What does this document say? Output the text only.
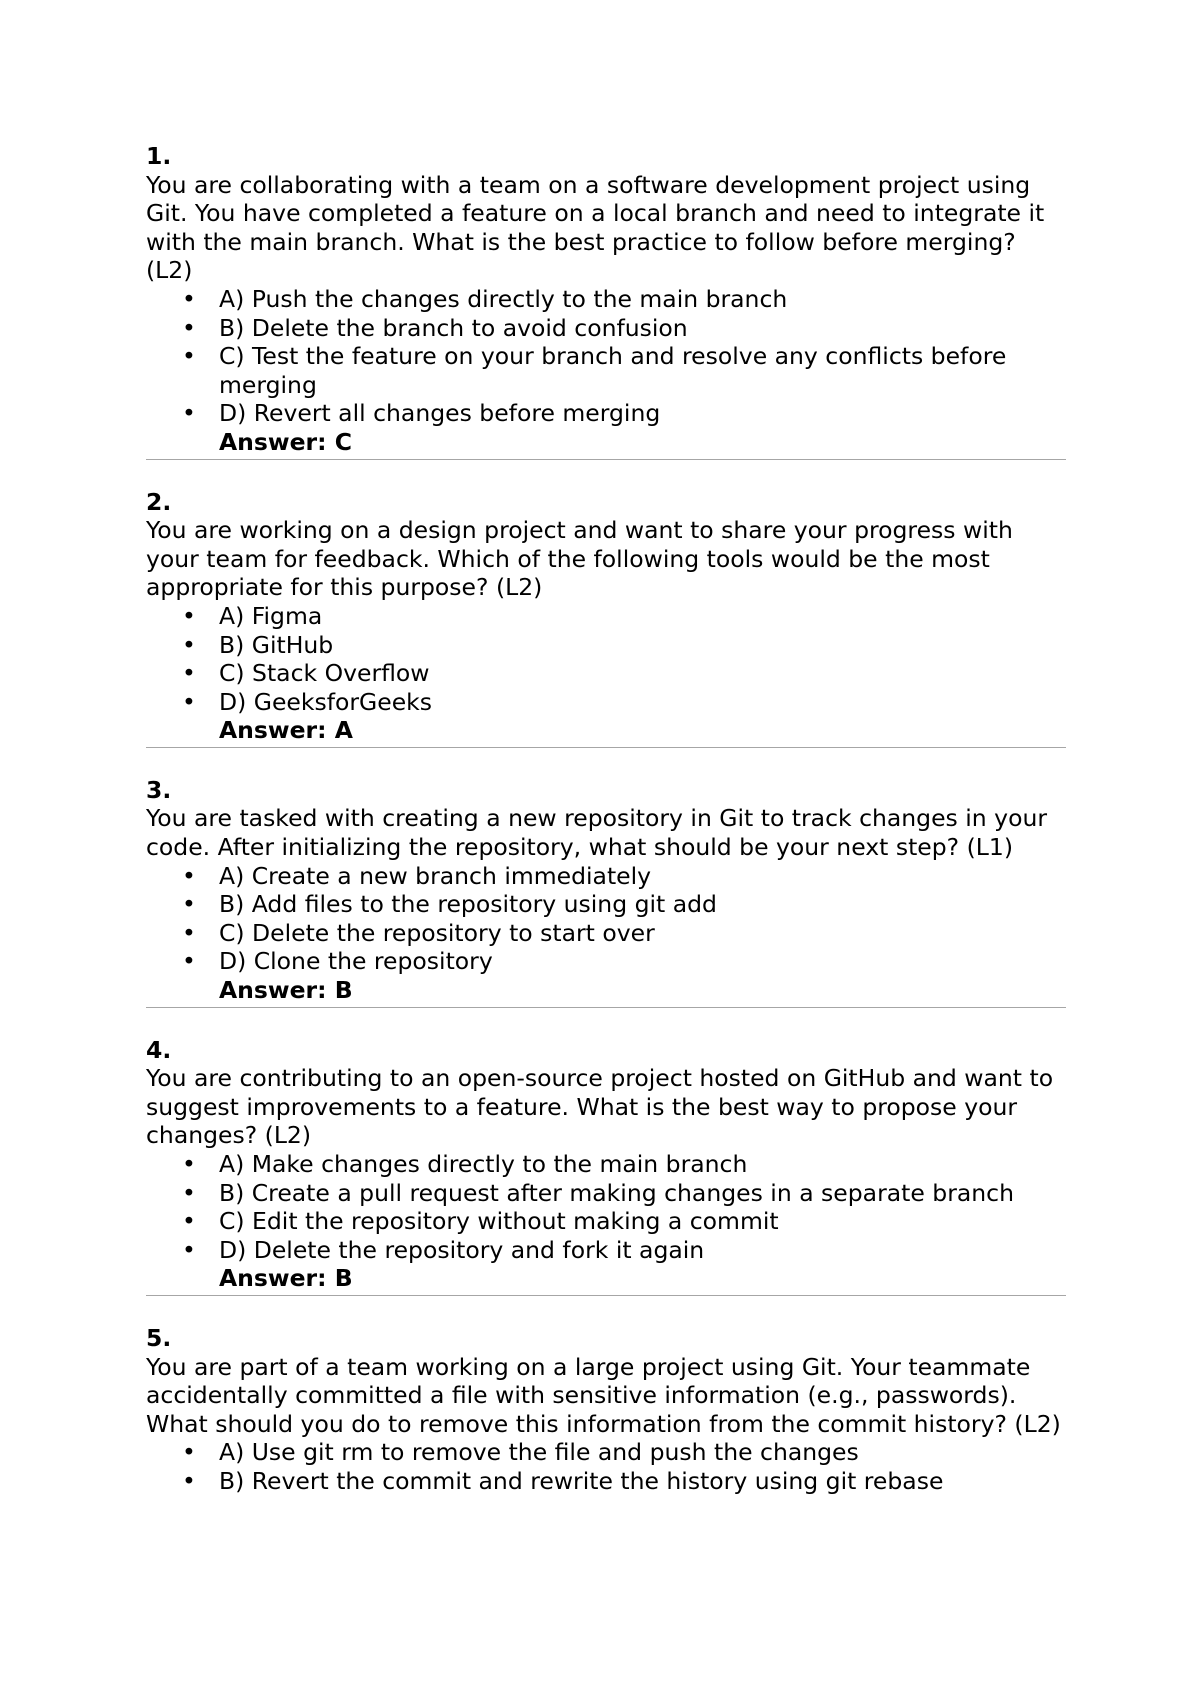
1.

You are collaborating with a team on a software development project using Git. You have completed a feature on a local branch and need to integrate it with the main branch. What is the best practice to follow before merging? (L2)

• A) Push the changes directly to the main branch
• B) Delete the branch to avoid confusion
• C) Test the feature on your branch and resolve any conflicts before merging
• D) Revert all changes before merging
Answer: C

2.

You are working on a design project and want to share your progress with your team for feedback. Which of the following tools would be the most appropriate for this purpose? (L2)

• A) Figma
• B) GitHub
• C) Stack Overflow
• D) GeeksforGeeks
Answer: A

3.

You are tasked with creating a new repository in Git to track changes in your code. After initializing the repository, what should be your next step? (L1)

• A) Create a new branch immediately
• B) Add files to the repository using git add
• C) Delete the repository to start over
• D) Clone the repository
Answer: B

4.

You are contributing to an open-source project hosted on GitHub and want to suggest improvements to a feature. What is the best way to propose your changes? (L2)

• A) Make changes directly to the main branch
• B) Create a pull request after making changes in a separate branch
• C) Edit the repository without making a commit
• D) Delete the repository and fork it again
Answer: B

5.

You are part of a team working on a large project using Git. Your teammate accidentally committed a file with sensitive information (e.g., passwords). What should you do to remove this information from the commit history? (L2)

• A) Use git rm to remove the file and push the changes
• B) Revert the commit and rewrite the history using git rebase
